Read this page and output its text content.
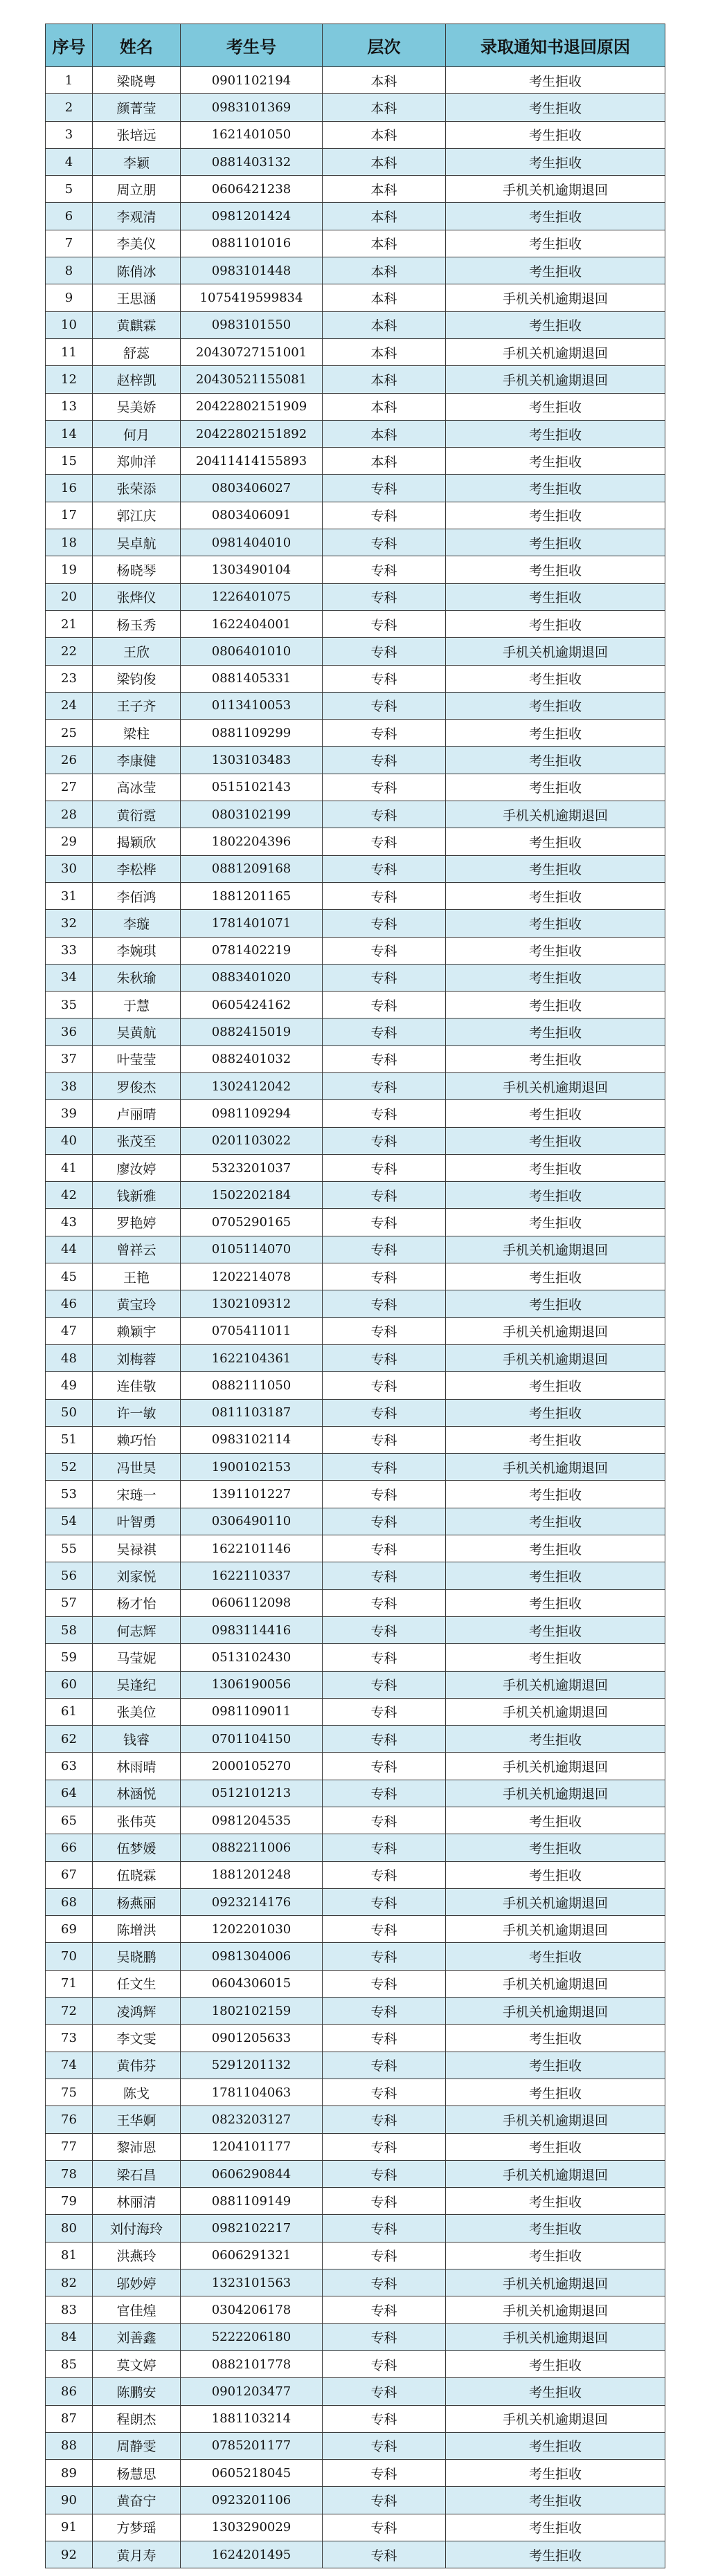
序号	姓名	考生号	层次	录取通知书退回原因
1	梁晓粤	0901102194	本科	考生拒收
2	颜菁莹	0983101369	本科	考生拒收
3	张培远	1621401050	本科	考生拒收
4	李颖	0881403132	本科	考生拒收
5	周立朋	0606421238	本科	手机关机逾期退回
6	李观清	0981201424	本科	考生拒收
7	李美仪	0881101016	本科	考生拒收
8	陈俏冰	0983101448	本科	考生拒收
9	王思涵	1075419599834	本科	手机关机逾期退回
10	黄麒霖	0983101550	本科	考生拒收
11	舒蕊	20430727151001	本科	手机关机逾期退回
12	赵梓凯	20430521155081	本科	手机关机逾期退回
13	吴美娇	20422802151909	本科	考生拒收
14	何月	20422802151892	本科	考生拒收
15	郑帅洋	20411414155893	本科	考生拒收
16	张荣添	0803406027	专科	考生拒收
17	郭江庆	0803406091	专科	考生拒收
18	吴卓航	0981404010	专科	考生拒收
19	杨晓琴	1303490104	专科	考生拒收
20	张烨仪	1226401075	专科	考生拒收
21	杨玉秀	1622404001	专科	考生拒收
22	王欣	0806401010	专科	手机关机逾期退回
23	梁钧俊	0881405331	专科	考生拒收
24	王子齐	0113410053	专科	考生拒收
25	梁柱	0881109299	专科	考生拒收
26	李康健	1303103483	专科	考生拒收
27	高冰莹	0515102143	专科	考生拒收
28	黄衍霓	0803102199	专科	手机关机逾期退回
29	揭颖欣	1802204396	专科	考生拒收
30	李松桦	0881209168	专科	考生拒收
31	李佰鸿	1881201165	专科	考生拒收
32	李璇	1781401071	专科	考生拒收
33	李婉琪	0781402219	专科	考生拒收
34	朱秋瑜	0883401020	专科	考生拒收
35	于慧	0605424162	专科	考生拒收
36	吴黄航	0882415019	专科	考生拒收
37	叶莹莹	0882401032	专科	考生拒收
38	罗俊杰	1302412042	专科	手机关机逾期退回
39	卢丽晴	0981109294	专科	考生拒收
40	张茂至	0201103022	专科	考生拒收
41	廖汝婷	5323201037	专科	考生拒收
42	钱新雅	1502202184	专科	考生拒收
43	罗艳婷	0705290165	专科	考生拒收
44	曾祥云	0105114070	专科	手机关机逾期退回
45	王艳	1202214078	专科	考生拒收
46	黄宝玲	1302109312	专科	考生拒收
47	赖颖宇	0705411011	专科	手机关机逾期退回
48	刘梅蓉	1622104361	专科	手机关机逾期退回
49	连佳敬	0882111050	专科	考生拒收
50	许一敏	0811103187	专科	考生拒收
51	赖巧怡	0983102114	专科	考生拒收
52	冯世昊	1900102153	专科	手机关机逾期退回
53	宋琏一	1391101227	专科	考生拒收
54	叶智勇	0306490110	专科	考生拒收
55	吴禄祺	1622101146	专科	考生拒收
56	刘家悦	1622110337	专科	考生拒收
57	杨才怡	0606112098	专科	考生拒收
58	何志辉	0983114416	专科	考生拒收
59	马莹妮	0513102430	专科	考生拒收
60	吴逢纪	1306190056	专科	手机关机逾期退回
61	张美位	0981109011	专科	手机关机逾期退回
62	钱睿	0701104150	专科	考生拒收
63	林雨晴	2000105270	专科	手机关机逾期退回
64	林涵悦	0512101213	专科	手机关机逾期退回
65	张伟英	0981204535	专科	考生拒收
66	伍梦媛	0882211006	专科	考生拒收
67	伍晓霖	1881201248	专科	考生拒收
68	杨燕丽	0923214176	专科	手机关机逾期退回
69	陈增洪	1202201030	专科	手机关机逾期退回
70	吴晓鹏	0981304006	专科	考生拒收
71	任文生	0604306015	专科	手机关机逾期退回
72	凌鸿辉	1802102159	专科	手机关机逾期退回
73	李文雯	0901205633	专科	考生拒收
74	黄伟芬	5291201132	专科	考生拒收
75	陈戈	1781104063	专科	考生拒收
76	王华婀	0823203127	专科	手机关机逾期退回
77	黎沛恩	1204101177	专科	考生拒收
78	梁石昌	0606290844	专科	手机关机逾期退回
79	林丽清	0881109149	专科	考生拒收
80	刘付海玲	0982102217	专科	考生拒收
81	洪燕玲	0606291321	专科	考生拒收
82	邬妙婷	1323101563	专科	手机关机逾期退回
83	官佳煌	0304206178	专科	手机关机逾期退回
84	刘善鑫	5222206180	专科	手机关机逾期退回
85	莫文婷	0882101778	专科	考生拒收
86	陈鹏安	0901203477	专科	考生拒收
87	程朗杰	1881103214	专科	手机关机逾期退回
88	周静雯	0785201177	专科	考生拒收
89	杨慧思	0605218045	专科	考生拒收
90	黄奋宁	0923201106	专科	考生拒收
91	方梦瑶	1303290029	专科	考生拒收
92	黄月寿	1624201495	专科	考生拒收
